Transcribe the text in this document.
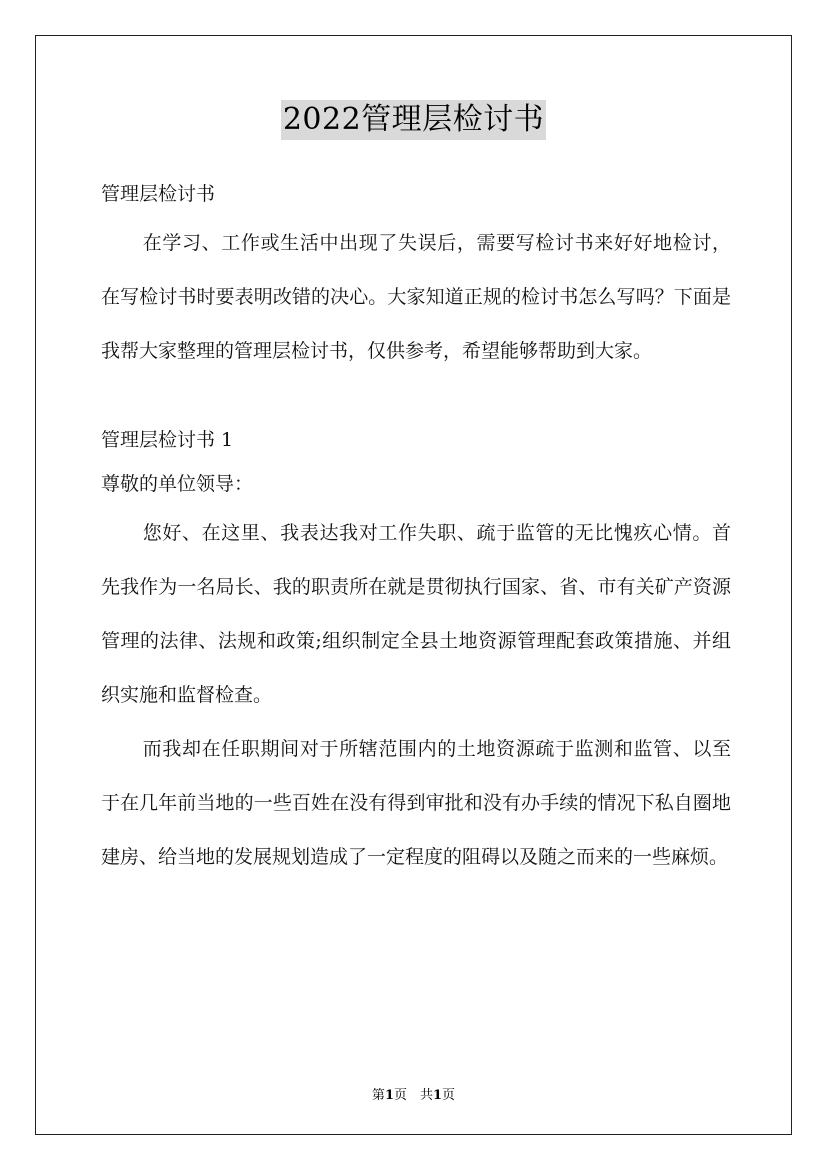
2022管理层检讨书

管理层检讨书

在学习、工作或生活中出现了失误后，需要写检讨书来好好地检讨，在写检讨书时要表明改错的决心。大家知道正规的检讨书怎么写吗？下面是我帮大家整理的管理层检讨书，仅供参考，希望能够帮助到大家。

管理层检讨书 1

尊敬的单位领导：

您好、在这里、我表达我对工作失职、疏于监管的无比愧疚心情。首先我作为一名局长、我的职责所在就是贯彻执行国家、省、市有关矿产资源管理的法律、法规和政策;组织制定全县土地资源管理配套政策措施、并组织实施和监督检查。

而我却在任职期间对于所辖范围内的土地资源疏于监测和监管、以至于在几年前当地的一些百姓在没有得到审批和没有办手续的情况下私自圈地建房、给当地的发展规划造成了一定程度的阻碍以及随之而来的一些麻烦。

第1页　共1页
